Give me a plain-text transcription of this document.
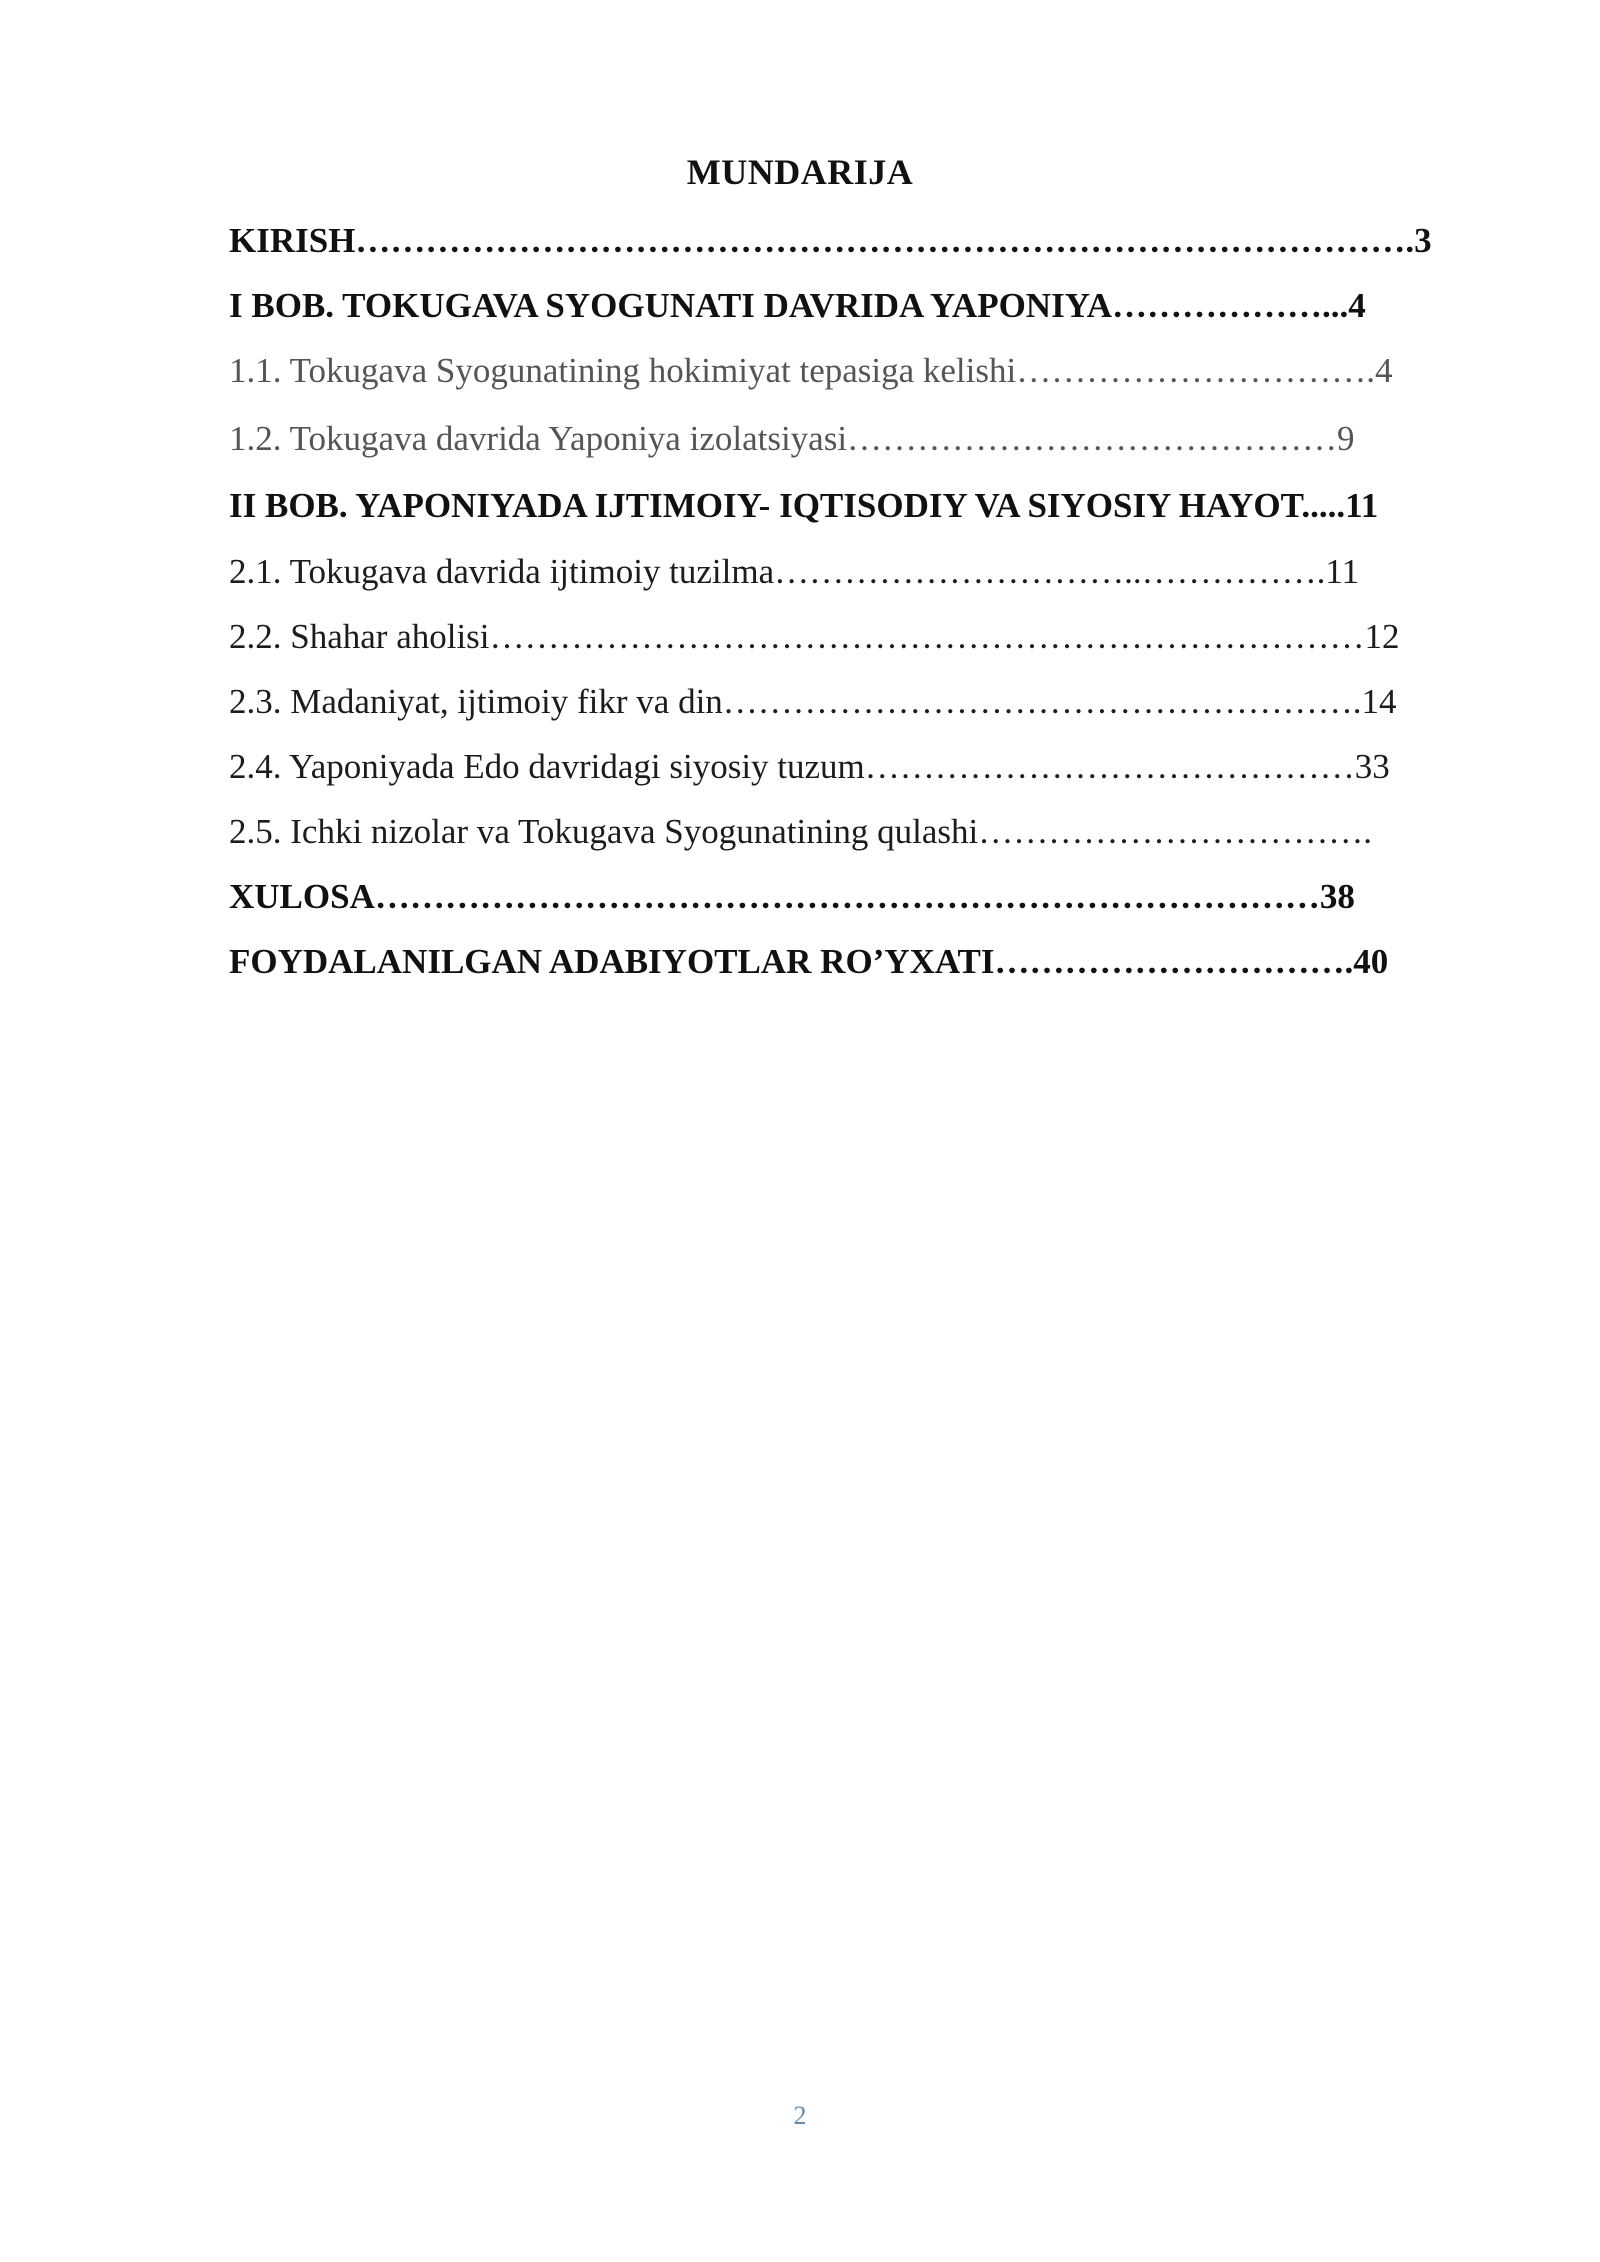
MUNDARIJA
KIRISH……………………………………………………………………………….3
I BOB. TOKUGAVA SYOGUNATI DAVRIDA YAPONIYA………………...4
1.1. Tokugava Syogunatining hokimiyat tepasiga kelishi………………………….4
1.2. Tokugava davrida Yaponiya izolatsiyasi……………………………………9
II BOB. YAPONIYADA IJTIMOIY- IQTISODIY VA SIYOSIY HAYOT.....11
2.1. Tokugava davrida ijtimoiy tuzilma…………………………..…………….11
2.2. Shahar aholisi…………………………………………………………………12
2.3. Madaniyat, ijtimoiy fikr va din……………………………………………….14
2.4. Yaponiyada Edo davridagi siyosiy tuzum……………………………………33
2.5. Ichki nizolar va Tokugava Syogunatining qulashi…………………………….
XULOSA………………………………………………………………………38
FOYDALANILGAN ADABIYOTLAR RO’YXATI………………………….40
2
